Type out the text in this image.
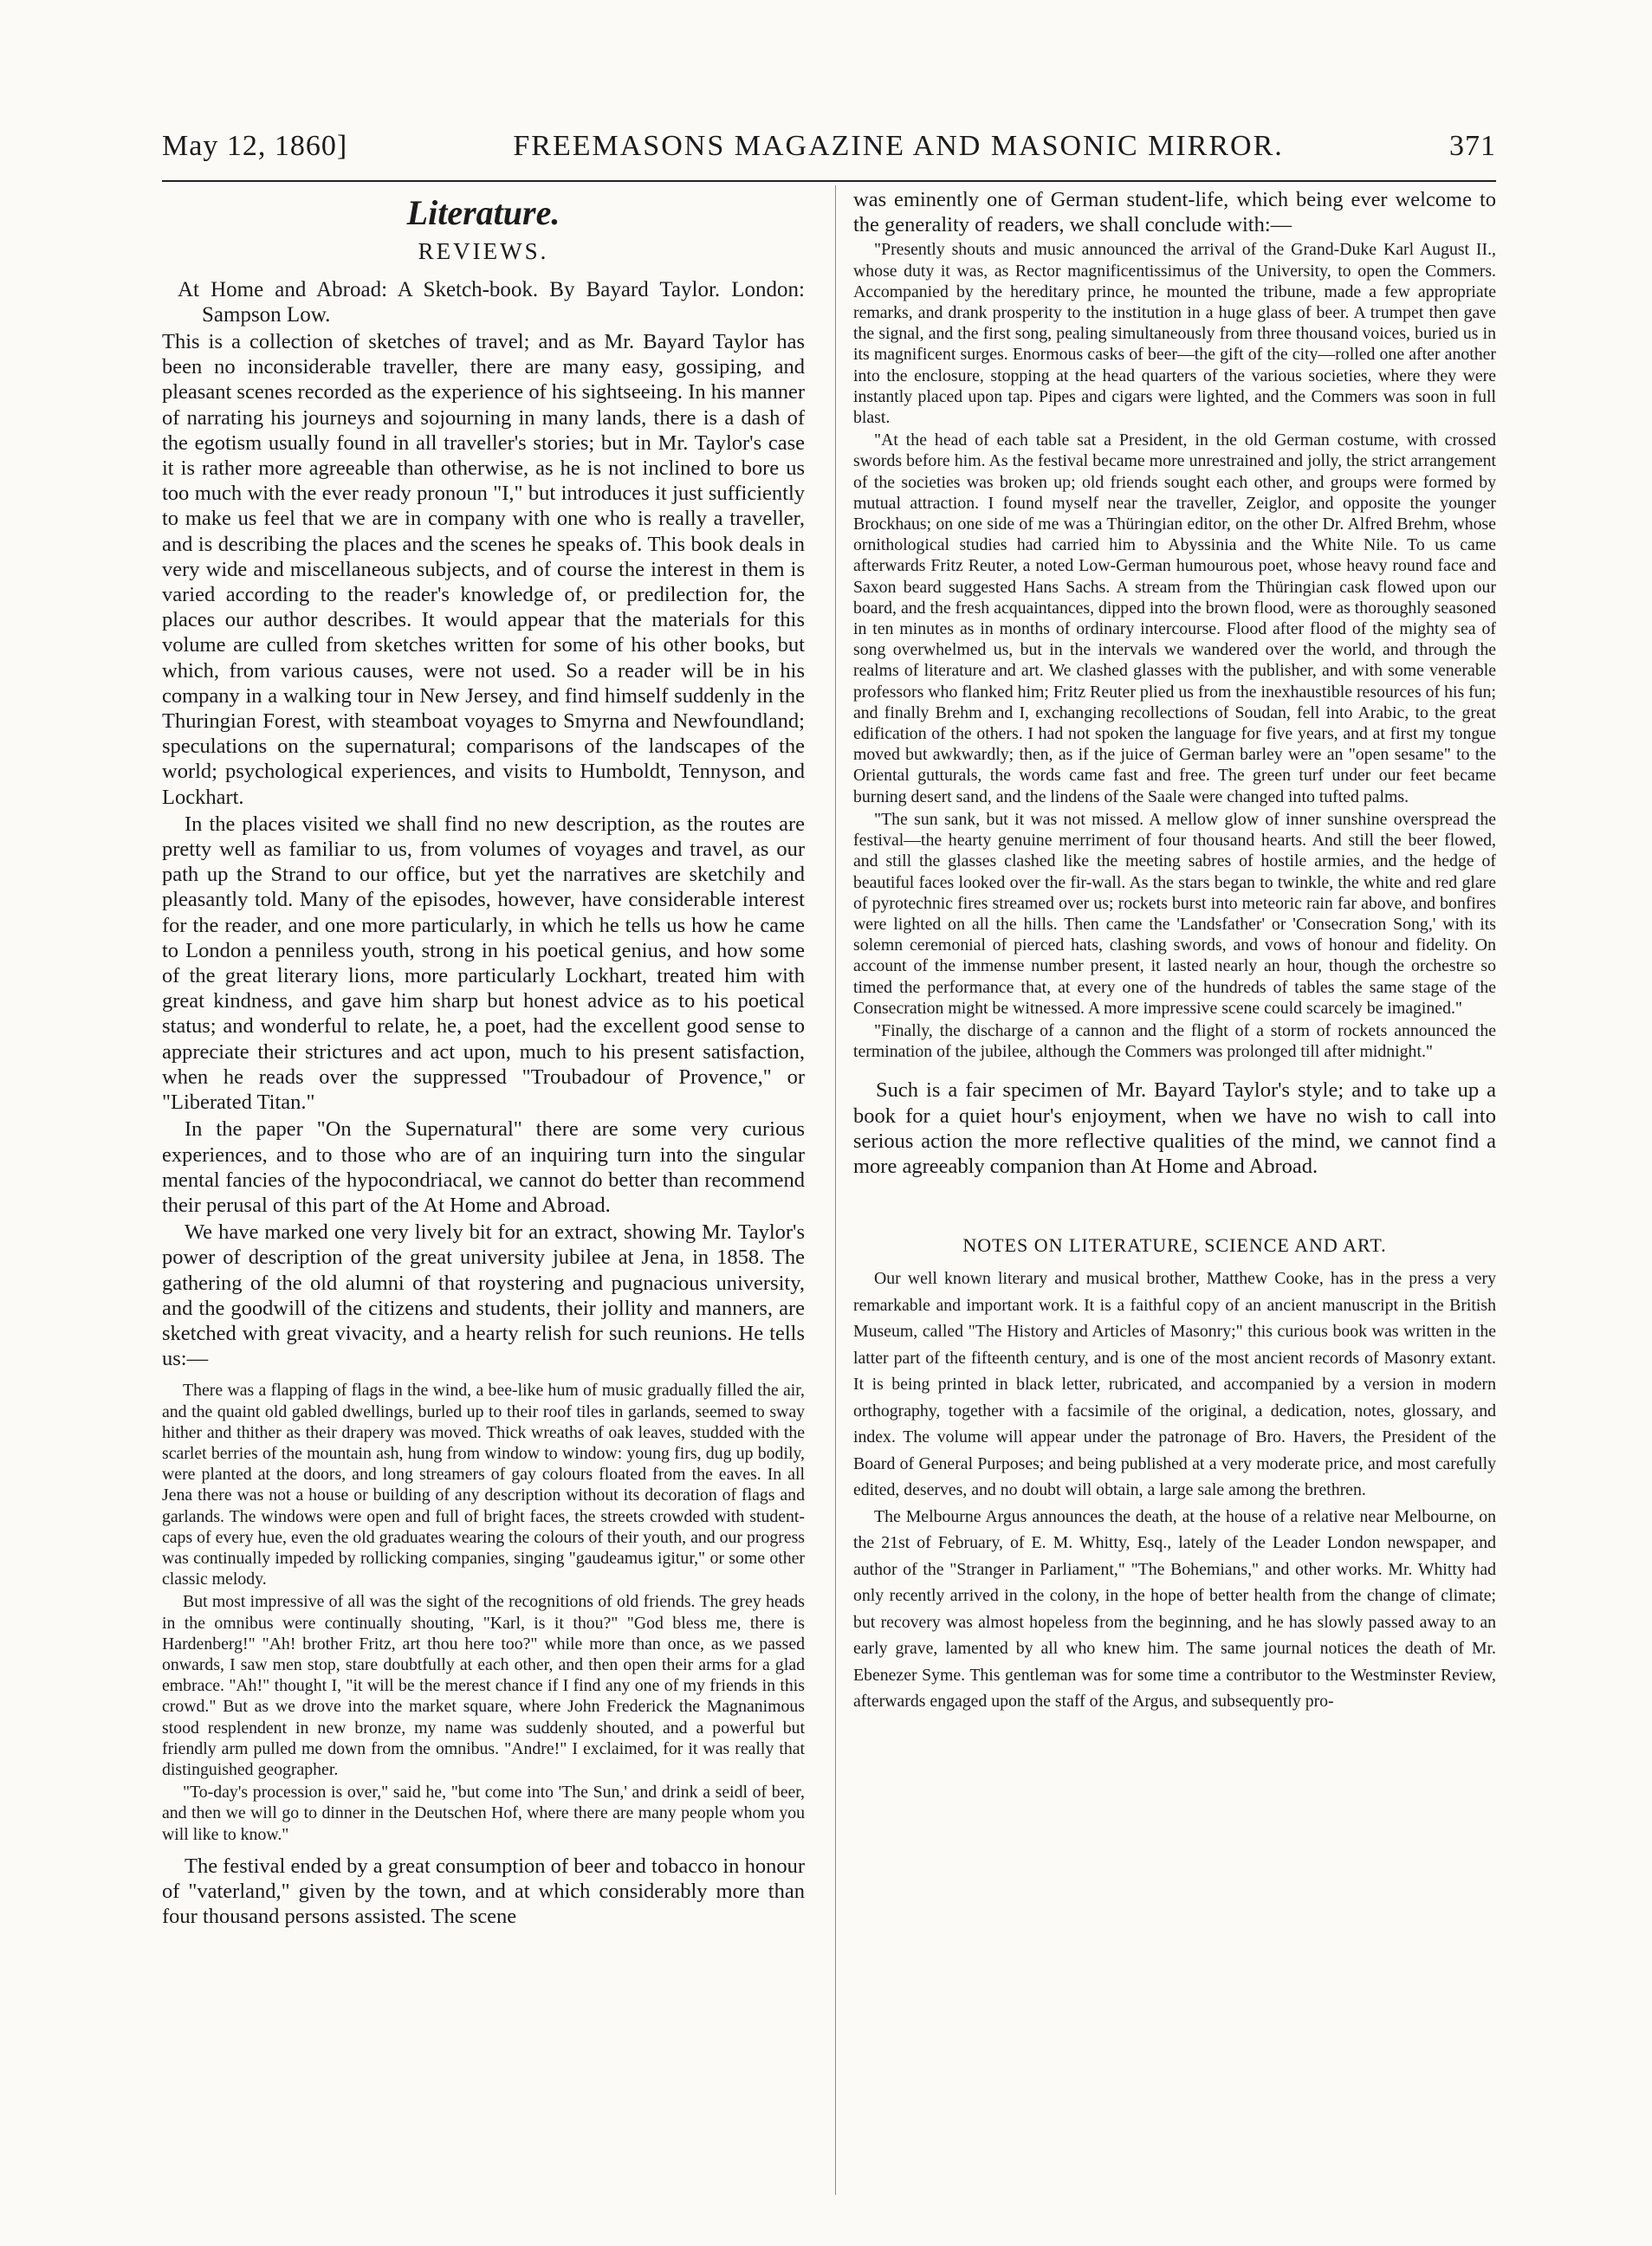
May 12, 1860]	FREEMASONS MAGAZINE AND MASONIC MIRROR.	371
Literature.
REVIEWS.

At Home and Abroad: A Sketch-book. By Bayard Taylor. London: Sampson Low.

This is a collection of sketches of travel; and as Mr. Bayard Taylor has been no inconsiderable traveller, there are many easy, gossiping, and pleasant scenes recorded as the experience of his sightseeing. In his manner of narrating his journeys and sojourning in many lands, there is a dash of the egotism usually found in all traveller's stories; but in Mr. Taylor's case it is rather more agreeable than otherwise, as he is not inclined to bore us too much with the ever ready pronoun "I," but introduces it just sufficiently to make us feel that we are in company with one who is really a traveller, and is describing the places and the scenes he speaks of. This book deals in very wide and miscellaneous subjects, and of course the interest in them is varied according to the reader's knowledge of, or predilection for, the places our author describes. It would appear that the materials for this volume are culled from sketches written for some of his other books, but which, from various causes, were not used. So a reader will be in his company in a walking tour in New Jersey, and find himself suddenly in the Thuringian Forest, with steamboat voyages to Smyrna and Newfoundland; speculations on the supernatural; comparisons of the landscapes of the world; psychological experiences, and visits to Humboldt, Tennyson, and Lockhart.

In the places visited we shall find no new description, as the routes are pretty well as familiar to us, from volumes of voyages and travel, as our path up the Strand to our office, but yet the narratives are sketchily and pleasantly told. Many of the episodes, however, have considerable interest for the reader, and one more particularly, in which he tells us how he came to London a penniless youth, strong in his poetical genius, and how some of the great literary lions, more particularly Lockhart, treated him with great kindness, and gave him sharp but honest advice as to his poetical status; and wonderful to relate, he, a poet, had the excellent good sense to appreciate their strictures and act upon, much to his present satisfaction, when he reads over the suppressed "Troubadour of Provence," or "Liberated Titan."

In the paper "On the Supernatural" there are some very curious experiences, and to those who are of an inquiring turn into the singular mental fancies of the hypocondriacal, we cannot do better than recommend their perusal of this part of the At Home and Abroad.

We have marked one very lively bit for an extract, showing Mr. Taylor's power of description of the great university jubilee at Jena, in 1858. The gathering of the old alumni of that roystering and pugnacious university, and the goodwill of the citizens and students, their jollity and manners, are sketched with great vivacity, and a hearty relish for such reunions. He tells us:—

There was a flapping of flags in the wind, a bee-like hum of music gradually filled the air, and the quaint old gabled dwellings, burled up to their roof tiles in garlands, seemed to sway hither and thither as their drapery was moved. Thick wreaths of oak leaves, studded with the scarlet berries of the mountain ash, hung from window to window: young firs, dug up bodily, were planted at the doors, and long streamers of gay colours floated from the eaves. In all Jena there was not a house or building of any description without its decoration of flags and garlands. The windows were open and full of bright faces, the streets crowded with student-caps of every hue, even the old graduates wearing the colours of their youth, and our progress was continually impeded by rollicking companies, singing "gaudeamus igitur," or some other classic melody.

But most impressive of all was the sight of the recognitions of old friends. The grey heads in the omnibus were continually shouting, "Karl, is it thou?" "God bless me, there is Hardenberg!" "Ah! brother Fritz, art thou here too?" while more than once, as we passed onwards, I saw men stop, stare doubtfully at each other, and then open their arms for a glad embrace. "Ah!" thought I, "it will be the merest chance if I find any one of my friends in this crowd." But as we drove into the market square, where John Frederick the Magnanimous stood resplendent in new bronze, my name was suddenly shouted, and a powerful but friendly arm pulled me down from the omnibus. "Andre!" I exclaimed, for it was really that distinguished geographer.

"To-day's procession is over," said he, "but come into 'The Sun,' and drink a seidl of beer, and then we will go to dinner in the Deutschen Hof, where there are many people whom you will like to know."

The festival ended by a great consumption of beer and tobacco in honour of "vaterland," given by the town, and at which considerably more than four thousand persons assisted. The scene

was eminently one of German student-life, which being ever welcome to the generality of readers, we shall conclude with:—

"Presently shouts and music announced the arrival of the Grand-Duke Karl August II., whose duty it was, as Rector magnificentissimus of the University, to open the Commers. Accompanied by the hereditary prince, he mounted the tribune, made a few appropriate remarks, and drank prosperity to the institution in a huge glass of beer. A trumpet then gave the signal, and the first song, pealing simultaneously from three thousand voices, buried us in its magnificent surges. Enormous casks of beer—the gift of the city—rolled one after another into the enclosure, stopping at the head quarters of the various societies, where they were instantly placed upon tap. Pipes and cigars were lighted, and the Commers was soon in full blast.

"At the head of each table sat a President, in the old German costume, with crossed swords before him. As the festival became more unrestrained and jolly, the strict arrangement of the societies was broken up; old friends sought each other, and groups were formed by mutual attraction. I found myself near the traveller, Zeiglor, and opposite the younger Brockhaus; on one side of me was a Thüringian editor, on the other Dr. Alfred Brehm, whose ornithological studies had carried him to Abyssinia and the White Nile. To us came afterwards Fritz Reuter, a noted Low-German humourous poet, whose heavy round face and Saxon beard suggested Hans Sachs. A stream from the Thüringian cask flowed upon our board, and the fresh acquaintances, dipped into the brown flood, were as thoroughly seasoned in ten minutes as in months of ordinary intercourse. Flood after flood of the mighty sea of song overwhelmed us, but in the intervals we wandered over the world, and through the realms of literature and art. We clashed glasses with the publisher, and with some venerable professors who flanked him; Fritz Reuter plied us from the inexhaustible resources of his fun; and finally Brehm and I, exchanging recollections of Soudan, fell into Arabic, to the great edification of the others. I had not spoken the language for five years, and at first my tongue moved but awkwardly; then, as if the juice of German barley were an "open sesame" to the Oriental gutturals, the words came fast and free. The green turf under our feet became burning desert sand, and the lindens of the Saale were changed into tufted palms.

"The sun sank, but it was not missed. A mellow glow of inner sunshine overspread the festival—the hearty genuine merriment of four thousand hearts. And still the beer flowed, and still the glasses clashed like the meeting sabres of hostile armies, and the hedge of beautiful faces looked over the fir-wall. As the stars began to twinkle, the white and red glare of pyrotechnic fires streamed over us; rockets burst into meteoric rain far above, and bonfires were lighted on all the hills. Then came the 'Landsfather' or 'Consecration Song,' with its solemn ceremonial of pierced hats, clashing swords, and vows of honour and fidelity. On account of the immense number present, it lasted nearly an hour, though the orchestre so timed the performance that, at every one of the hundreds of tables the same stage of the Consecration might be witnessed. A more impressive scene could scarcely be imagined."

"Finally, the discharge of a cannon and the flight of a storm of rockets announced the termination of the jubilee, although the Commers was prolonged till after midnight."

Such is a fair specimen of Mr. Bayard Taylor's style; and to take up a book for a quiet hour's enjoyment, when we have no wish to call into serious action the more reflective qualities of the mind, we cannot find a more agreeably companion than At Home and Abroad.

NOTES ON LITERATURE, SCIENCE AND ART.

Our well known literary and musical brother, Matthew Cooke, has in the press a very remarkable and important work. It is a faithful copy of an ancient manuscript in the British Museum, called "The History and Articles of Masonry;" this curious book was written in the latter part of the fifteenth century, and is one of the most ancient records of Masonry extant. It is being printed in black letter, rubricated, and accompanied by a version in modern orthography, together with a facsimile of the original, a dedication, notes, glossary, and index. The volume will appear under the patronage of Bro. Havers, the President of the Board of General Purposes; and being published at a very moderate price, and most carefully edited, deserves, and no doubt will obtain, a large sale among the brethren.

The Melbourne Argus announces the death, at the house of a relative near Melbourne, on the 21st of February, of E. M. Whitty, Esq., lately of the Leader London newspaper, and author of the "Stranger in Parliament," "The Bohemians," and other works. Mr. Whitty had only recently arrived in the colony, in the hope of better health from the change of climate; but recovery was almost hopeless from the beginning, and he has slowly passed away to an early grave, lamented by all who knew him. The same journal notices the death of Mr. Ebenezer Syme. This gentleman was for some time a contributor to the Westminster Review, afterwards engaged upon the staff of the Argus, and subsequently pro-
